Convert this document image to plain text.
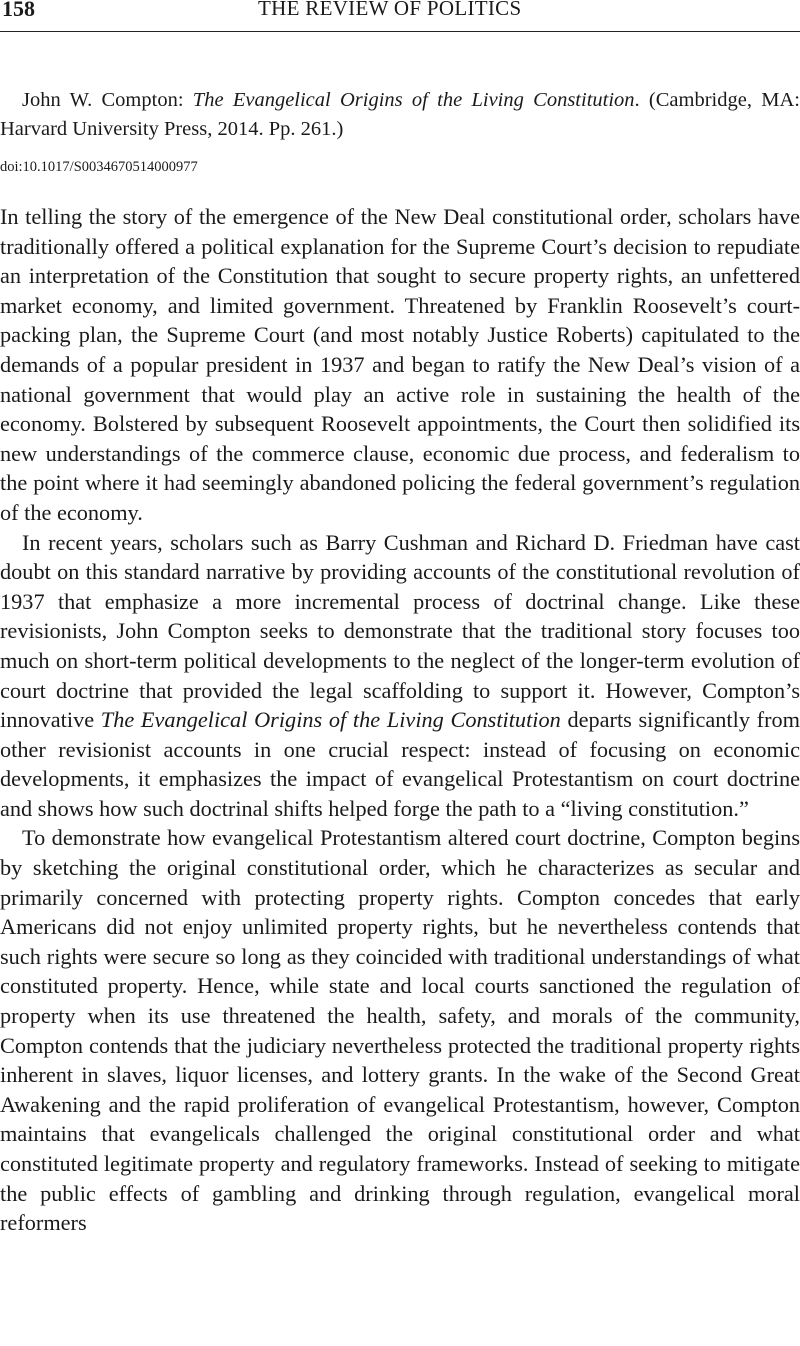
158	THE REVIEW OF POLITICS

John W. Compton: The Evangelical Origins of the Living Constitution. (Cambridge, MA: Harvard University Press, 2014. Pp. 261.)

doi:10.1017/S0034670514000977

In telling the story of the emergence of the New Deal constitutional order, scholars have traditionally offered a political explanation for the Supreme Court’s decision to repudiate an interpretation of the Constitution that sought to secure property rights, an unfettered market economy, and limited government. Threatened by Franklin Roosevelt’s court-packing plan, the Supreme Court (and most notably Justice Roberts) capitulated to the demands of a popular president in 1937 and began to ratify the New Deal’s vision of a national government that would play an active role in sustaining the health of the economy. Bolstered by subsequent Roosevelt appointments, the Court then solidified its new understandings of the commerce clause, economic due process, and federalism to the point where it had seemingly abandoned policing the federal government’s regulation of the economy.

In recent years, scholars such as Barry Cushman and Richard D. Friedman have cast doubt on this standard narrative by providing accounts of the constitutional revolution of 1937 that emphasize a more incremental process of doctrinal change. Like these revisionists, John Compton seeks to demonstrate that the traditional story focuses too much on short-term political developments to the neglect of the longer-term evolution of court doctrine that provided the legal scaffolding to support it. However, Compton’s innovative The Evangelical Origins of the Living Constitution departs significantly from other revisionist accounts in one crucial respect: instead of focusing on economic developments, it emphasizes the impact of evangelical Protestantism on court doctrine and shows how such doctrinal shifts helped forge the path to a “living constitution.”

To demonstrate how evangelical Protestantism altered court doctrine, Compton begins by sketching the original constitutional order, which he characterizes as secular and primarily concerned with protecting property rights. Compton concedes that early Americans did not enjoy unlimited property rights, but he nevertheless contends that such rights were secure so long as they coincided with traditional understandings of what constituted property. Hence, while state and local courts sanctioned the regulation of property when its use threatened the health, safety, and morals of the community, Compton contends that the judiciary nevertheless protected the traditional property rights inherent in slaves, liquor licenses, and lottery grants. In the wake of the Second Great Awakening and the rapid proliferation of evangelical Protestantism, however, Compton maintains that evangelicals challenged the original constitutional order and what constituted legitimate property and regulatory frameworks. Instead of seeking to mitigate the public effects of gambling and drinking through regulation, evangelical moral reformers
